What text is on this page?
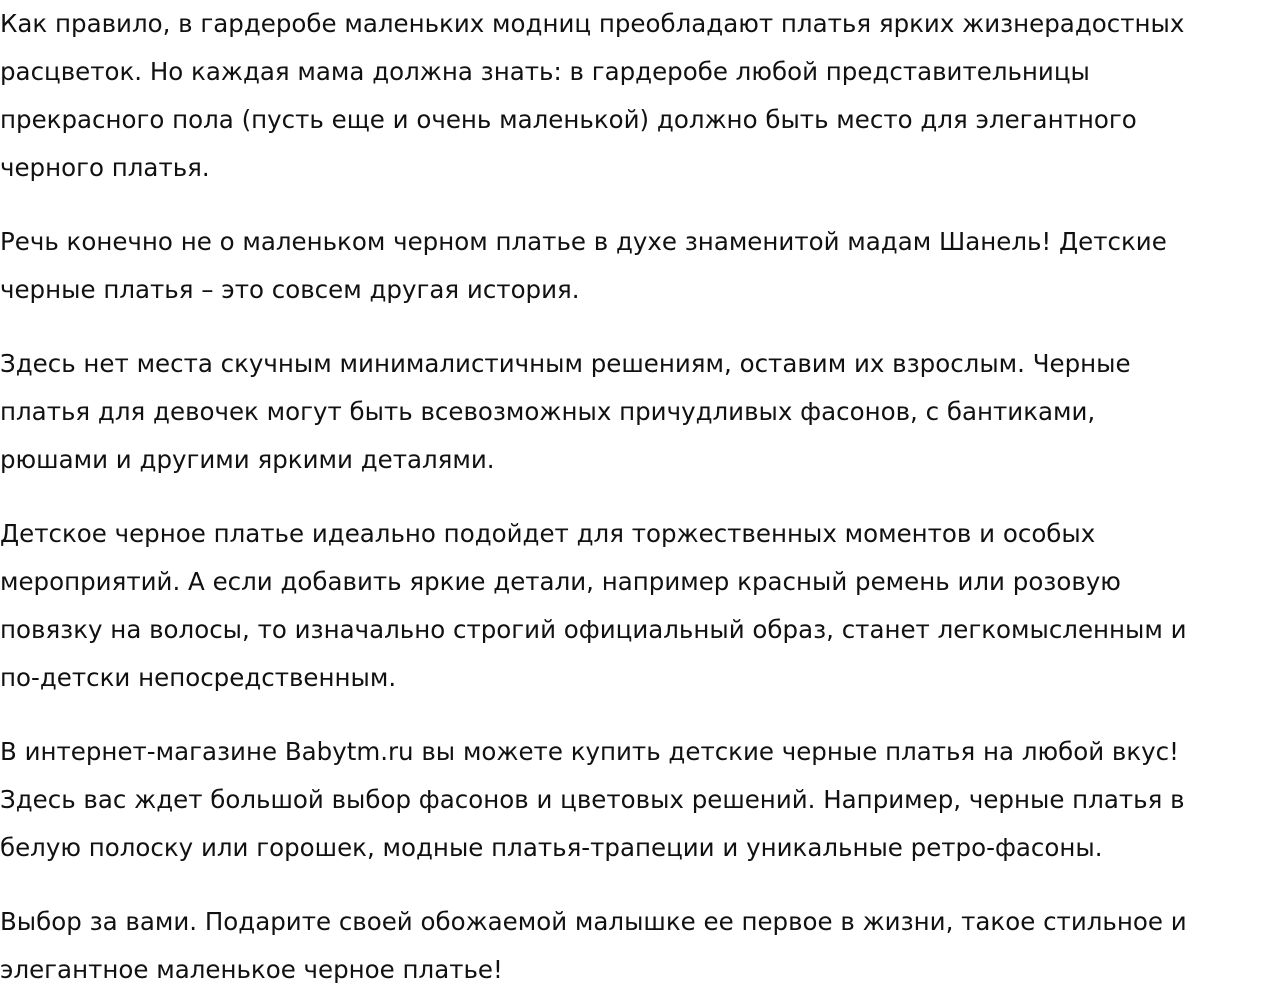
Как правило, в гардеробе маленьких модниц преобладают платья ярких жизнерадостных
расцветок. Но каждая мама должна знать: в гардеробе любой представительницы
прекрасного пола (пусть еще и очень маленькой) должно быть место для элегантного
черного платья.

Речь конечно не о маленьком черном платье в духе знаменитой мадам Шанель! Детские
черные платья – это совсем другая история.

Здесь нет места скучным минималистичным решениям, оставим их взрослым. Черные
платья для девочек могут быть всевозможных причудливых фасонов, с бантиками,
рюшами и другими яркими деталями.

Детское черное платье идеально подойдет для торжественных моментов и особых
мероприятий. А если добавить яркие детали, например красный ремень или розовую
повязку на волосы, то изначально строгий официальный образ, станет легкомысленным и
по-детски непосредственным.

В интернет-магазине Babytm.ru вы можете купить детские черные платья на любой вкус!
Здесь вас ждет большой выбор фасонов и цветовых решений. Например, черные платья в
белую полоску или горошек, модные платья-трапеции и уникальные ретро-фасоны.

Выбор за вами. Подарите своей обожаемой малышке ее первое в жизни, такое стильное и
элегантное маленькое черное платье!
